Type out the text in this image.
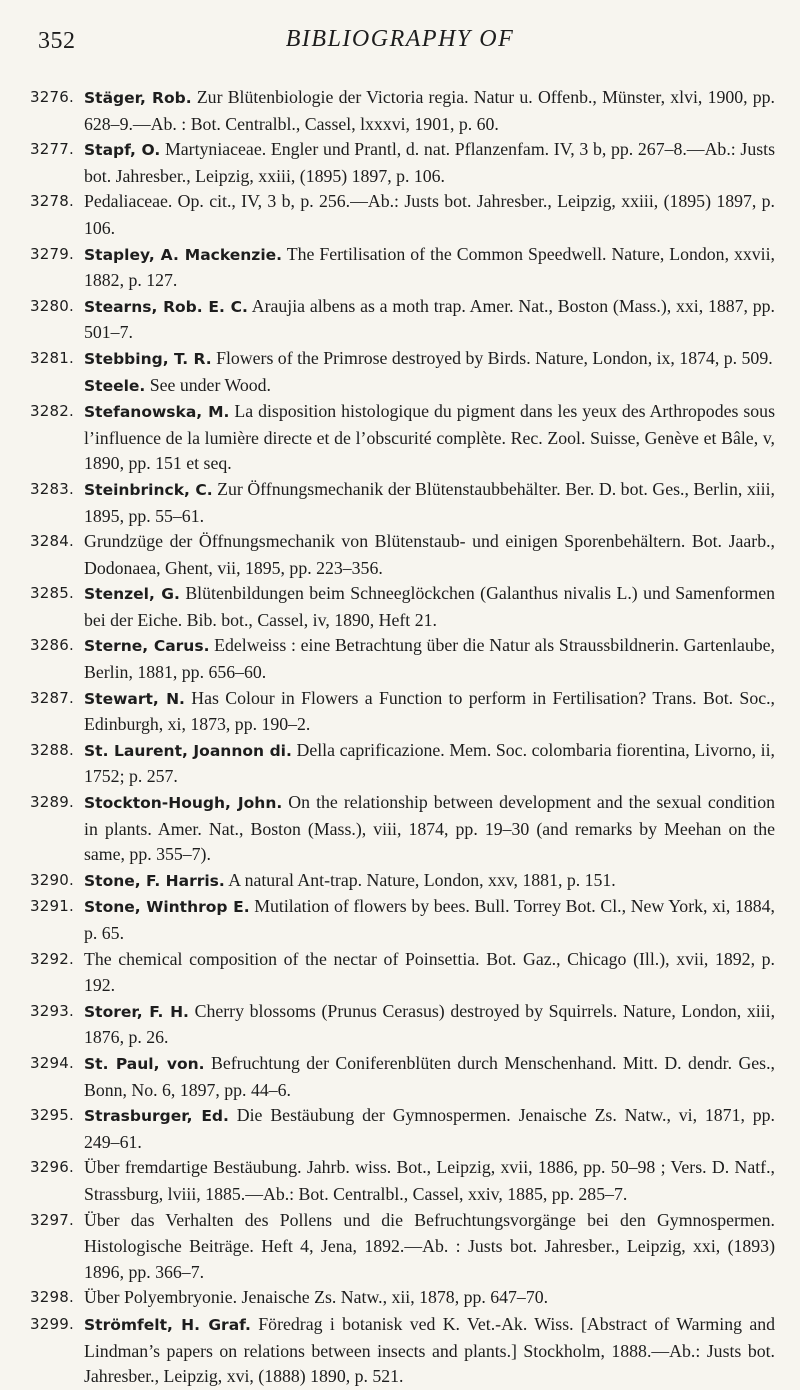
352	BIBLIOGRAPHY OF
3276. Stäger, Rob. Zur Blütenbiologie der Victoria regia. Natur u. Offenb., Münster, xlvi, 1900, pp. 628–9.—Ab. : Bot. Centralbl., Cassel, lxxxvi, 1901, p. 60.
3277. Stapf, O. Martyniaceae. Engler und Prantl, d. nat. Pflanzenfam. IV, 3 b, pp. 267–8.—Ab.: Justs bot. Jahresber., Leipzig, xxiii, (1895) 1897, p. 106.
3278. Pedaliaceae. Op. cit., IV, 3 b, p. 256.—Ab.: Justs bot. Jahresber., Leipzig, xxiii, (1895) 1897, p. 106.
3279. Stapley, A. Mackenzie. The Fertilisation of the Common Speedwell. Nature, London, xxvii, 1882, p. 127.
3280. Stearns, Rob. E. C. Araujia albens as a moth trap. Amer. Nat., Boston (Mass.), xxi, 1887, pp. 501–7.
3281. Stebbing, T. R. Flowers of the Primrose destroyed by Birds. Nature, London, ix, 1874, p. 509.
Steele. See under Wood.
3282. Stefanowska, M. La disposition histologique du pigment dans les yeux des Arthropodes sous l’influence de la lumière directe et de l’obscurité complète. Rec. Zool. Suisse, Genève et Bâle, v, 1890, pp. 151 et seq.
3283. Steinbrinck, C. Zur Öffnungsmechanik der Blütenstaubbehälter. Ber. D. bot. Ges., Berlin, xiii, 1895, pp. 55–61.
3284. Grundzüge der Öffnungsmechanik von Blütenstaub- und einigen Sporenbehältern. Bot. Jaarb., Dodonaea, Ghent, vii, 1895, pp. 223–356.
3285. Stenzel, G. Blütenbildungen beim Schneeglöckchen (Galanthus nivalis L.) und Samenformen bei der Eiche. Bib. bot., Cassel, iv, 1890, Heft 21.
3286. Sterne, Carus. Edelweiss : eine Betrachtung über die Natur als Straussbildnerin. Gartenlaube, Berlin, 1881, pp. 656–60.
3287. Stewart, N. Has Colour in Flowers a Function to perform in Fertilisation? Trans. Bot. Soc., Edinburgh, xi, 1873, pp. 190–2.
3288. St. Laurent, Joannon di. Della caprificazione. Mem. Soc. colombaria fiorentina, Livorno, ii, 1752; p. 257.
3289. Stockton-Hough, John. On the relationship between development and the sexual condition in plants. Amer. Nat., Boston (Mass.), viii, 1874, pp. 19–30 (and remarks by Meehan on the same, pp. 355–7).
3290. Stone, F. Harris. A natural Ant-trap. Nature, London, xxv, 1881, p. 151.
3291. Stone, Winthrop E. Mutilation of flowers by bees. Bull. Torrey Bot. Cl., New York, xi, 1884, p. 65.
3292. The chemical composition of the nectar of Poinsettia. Bot. Gaz., Chicago (Ill.), xvii, 1892, p. 192.
3293. Storer, F. H. Cherry blossoms (Prunus Cerasus) destroyed by Squirrels. Nature, London, xiii, 1876, p. 26.
3294. St. Paul, von. Befruchtung der Coniferenblüten durch Menschenhand. Mitt. D. dendr. Ges., Bonn, No. 6, 1897, pp. 44–6.
3295. Strasburger, Ed. Die Bestäubung der Gymnospermen. Jenaische Zs. Natw., vi, 1871, pp. 249–61.
3296. Über fremdartige Bestäubung. Jahrb. wiss. Bot., Leipzig, xvii, 1886, pp. 50–98 ; Vers. D. Natf., Strassburg, lviii, 1885.—Ab.: Bot. Centralbl., Cassel, xxiv, 1885, pp. 285–7.
3297. Über das Verhalten des Pollens und die Befruchtungsvorgänge bei den Gymnospermen. Histologische Beiträge. Heft 4, Jena, 1892.—Ab. : Justs bot. Jahresber., Leipzig, xxi, (1893) 1896, pp. 366–7.
3298. Über Polyembryonie. Jenaische Zs. Natw., xii, 1878, pp. 647–70.
3299. Strömfelt, H. Graf. Föredrag i botanisk ved K. Vet.-Ak. Wiss. [Abstract of Warming and Lindman’s papers on relations between insects and plants.] Stockholm, 1888.—Ab.: Justs bot. Jahresber., Leipzig, xvi, (1888) 1890, p. 521.
